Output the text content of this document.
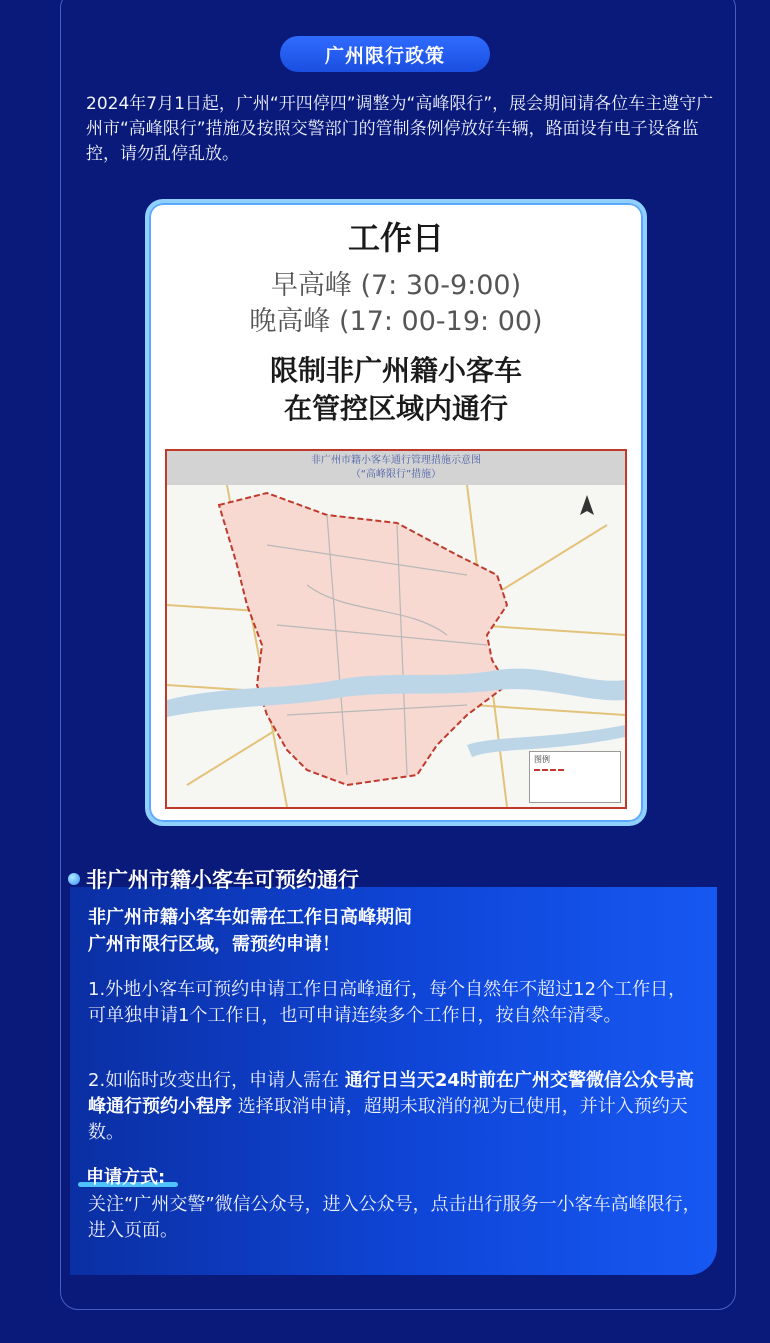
广州限行政策

2024年7月1日起，广州“开四停四”调整为“高峰限行”，展会期间请各位车主遵守广州市“高峰限行”措施及按照交警部门的管制条例停放好车辆，路面设有电子设备监控，请勿乱停乱放。

工作日
早高峰 (7: 30-9:00)
晚高峰 (17: 00-19: 00)
限制非广州籍小客车
在管控区域内通行
非广州市籍小客车通行管理措施示意图
（“高峰限行”措施）
图例
非广州市籍小客车可预约通行
非广州市籍小客车如需在工作日高峰期间
广州市限行区域，需预约申请！

1.外地小客车可预约申请工作日高峰通行，每个自然年不超过12个工作日，可单独申请1个工作日，也可申请连续多个工作日，按自然年清零。

2.如临时改变出行，申请人需在 通行日当天24时前在广州交警微信公众号高峰通行预约小程序 选择取消申请，超期未取消的视为已使用，并计入预约天数。

申请方式:

关注“广州交警”微信公众号，进入公众号，点击出行服务一小客车高峰限行，进入页面。
